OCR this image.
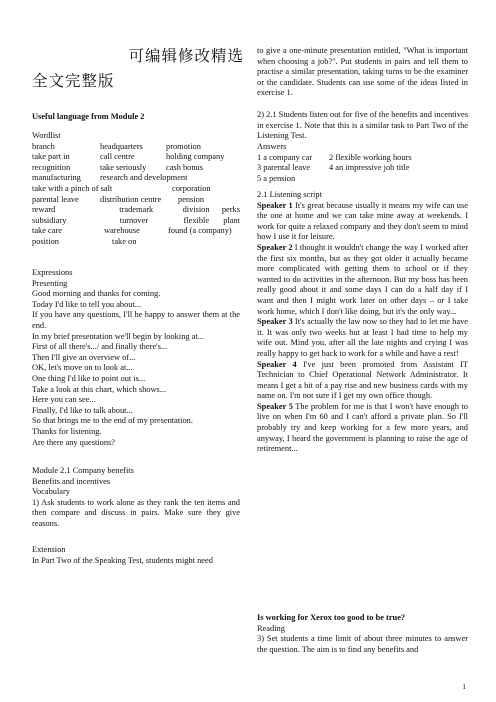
可编辑修改精选
全文完整版

Useful language from Module 2

Wordlist

branch	headquarters	promotion
take part in	call centre	holding company
recognition	take seriously	cash bonus
manufacturing	research and development
take with a pinch of salt	corporation
parental leave	distribution centre	pension
reward	trademark	division	perks
subsidiary	turnover	flexible	plant
take care	warehouse	found (a company)
position	take on

Expressions

Presenting

Good morning and thanks for coming.

Today I'd like to tell you about...

If you have any questions, I'll be happy to answer them at the end.

In my brief presentation we'll begin by looking at...

First of all there's.../ and finally there's...

Then I'll give an overview of...

OK, let's move on to look at...

One thing I'd like to point out is...

Take a look at this chart, which shows...

Here you can see...

Finally, I'd like to talk about...

So that brings me to the end of my presentation.

Thanks for listening.

Are there any questions?

Module 2.1 Company benefits

Benefits and incentives

Vocabulary

1) Ask students to work alone as they rank the ten items and then compare and discuss in pairs. Make sure they give reasons.

Extension

In Part Two of the Speaking Test, students might need

to give a one-minute presentation entitled, "What is important when choosing a job?". Put students in pairs and tell them to practise a similar presentation, taking turns to be the examiner or the candidate. Students can use some of the ideas listed in exercise 1.

2) 2.1 Students listen out for five of the benefits and incentives in exercise 1. Note that this is a similar task to Part Two of the Listening Test.

Answers

1 a company car	2 flexible working hours
3 parental leave	4 an impressive job title
5 a pension

2.1 Listening script

Speaker 1 It's great because usually it means my wife can use the one at home and we can take mine away at weekends. I work for quite a relaxed company and they don't seem to mind how I use it for leisure.

Speaker 2 I thought it wouldn't change the way I worked after the first six months, but as they got older it actually became more complicated with getting them to school or if they wanted to do activities in the afternoon. But my boss has been really good about it and some days I can do a half day if I want and then I might work later on other days – or I take work home, which I don't like doing, but it's the only way...

Speaker 3 It's actually the law now so they had to let me have it. It was only two weeks but at least I had time to help my wife out. Mind you, after all the late nights and crying I was really happy to get back to work for a while and have a rest!

Speaker 4 I've just been promoted from Assistant IT Technician to Chief Operational Network Administrator. It means I get a bit of a pay rise and new business cards with my name on. I'm not sure if I get my own office though.

Speaker 5 The problem for me is that I won't have enough to live on when I'm 60 and I can't afford a private plan. So I'll probably try and keep working for a few more years, and anyway, I heard the government is planning to raise the age of retirement...

Is working for Xerox too good to be true?

Reading

3) Set students a time limit of about three minutes to answer the question. The aim is to find any benefits and

1
